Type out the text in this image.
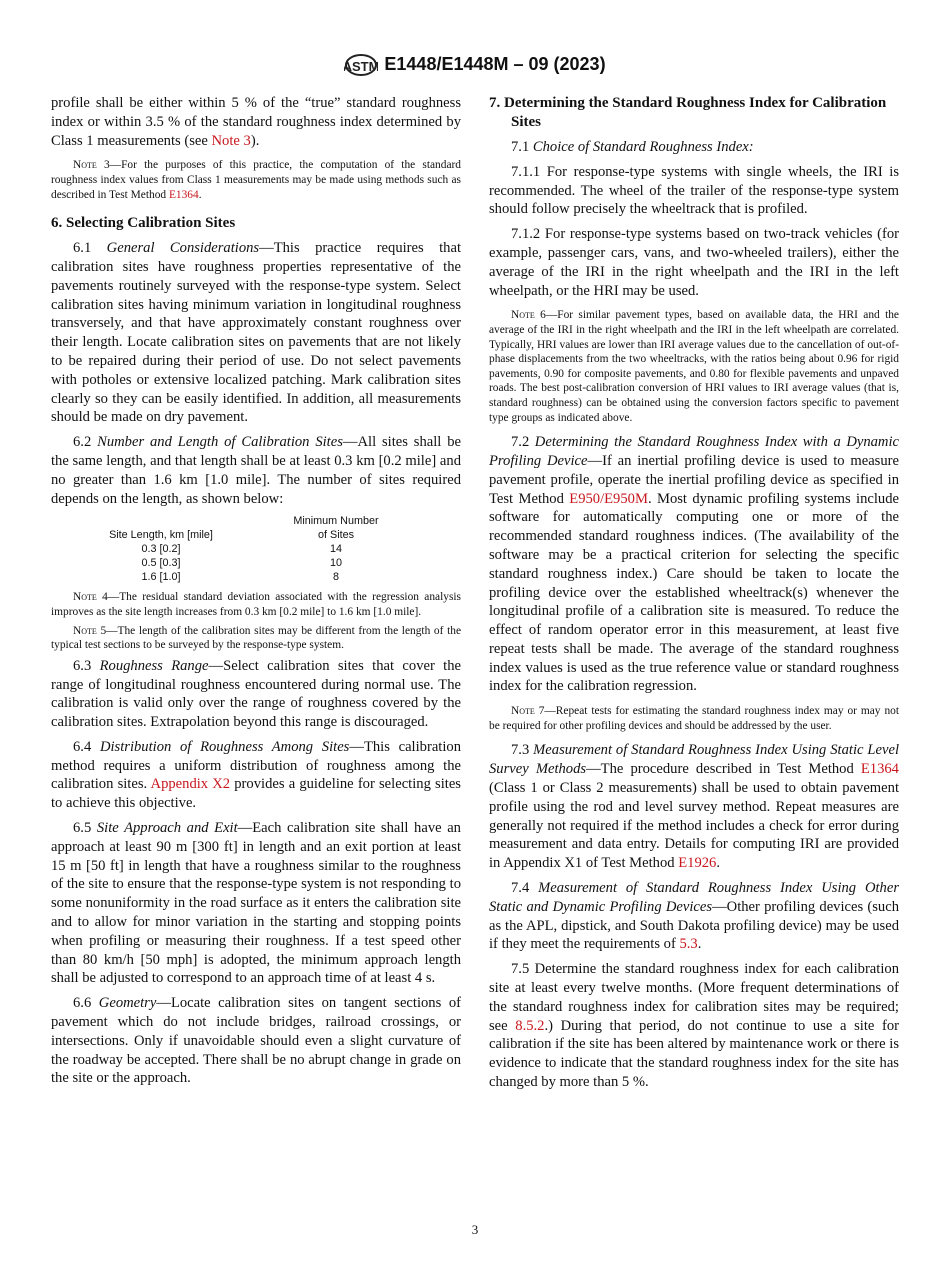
ASTM E1448/E1448M – 09 (2023)
profile shall be either within 5 % of the “true” standard roughness index or within 3.5 % of the standard roughness index determined by Class 1 measurements (see Note 3).
Note 3—For the purposes of this practice, the computation of the standard roughness index values from Class 1 measurements may be made using methods such as described in Test Method E1364.
6. Selecting Calibration Sites
6.1 General Considerations—This practice requires that calibration sites have roughness properties representative of the pavements routinely surveyed with the response-type system. Select calibration sites having minimum variation in longitudinal roughness transversely, and that have approximately constant roughness over their length. Locate calibration sites on pavements that are not likely to be repaired during their period of use. Do not select pavements with potholes or extensive localized patching. Mark calibration sites clearly so they can be easily identified. In addition, all measurements should be made on dry pavement.
6.2 Number and Length of Calibration Sites—All sites shall be the same length, and that length shall be at least 0.3 km [0.2 mile] and no greater than 1.6 km [1.0 mile]. The number of sites required depends on the length, as shown below:
Site Length, km [mile]	Minimum Number
of Sites
0.3 [0.2]	14
0.5 [0.3]	10
1.6 [1.0]	8
Note 4—The residual standard deviation associated with the regression analysis improves as the site length increases from 0.3 km [0.2 mile] to 1.6 km [1.0 mile].
Note 5—The length of the calibration sites may be different from the length of the typical test sections to be surveyed by the response-type system.
6.3 Roughness Range—Select calibration sites that cover the range of longitudinal roughness encountered during normal use. The calibration is valid only over the range of roughness covered by the calibration sites. Extrapolation beyond this range is discouraged.
6.4 Distribution of Roughness Among Sites—This calibration method requires a uniform distribution of roughness among the calibration sites. Appendix X2 provides a guideline for selecting sites to achieve this objective.
6.5 Site Approach and Exit—Each calibration site shall have an approach at least 90 m [300 ft] in length and an exit portion at least 15 m [50 ft] in length that have a roughness similar to the roughness of the site to ensure that the response-type system is not responding to some nonuniformity in the road surface as it enters the calibration site and to allow for minor variation in the starting and stopping points when profiling or measuring their roughness. If a test speed other than 80 km/h [50 mph] is adopted, the minimum approach length shall be adjusted to correspond to an approach time of at least 4 s.
6.6 Geometry—Locate calibration sites on tangent sections of pavement which do not include bridges, railroad crossings, or intersections. Only if unavoidable should even a slight curvature of the roadway be accepted. There shall be no abrupt change in grade on the site or the approach.
7. Determining the Standard Roughness Index for Calibration Sites
7.1 Choice of Standard Roughness Index:
7.1.1 For response-type systems with single wheels, the IRI is recommended. The wheel of the trailer of the response-type system should follow precisely the wheeltrack that is profiled.
7.1.2 For response-type systems based on two-track vehicles (for example, passenger cars, vans, and two-wheeled trailers), either the average of the IRI in the right wheelpath and the IRI in the left wheelpath, or the HRI may be used.
Note 6—For similar pavement types, based on available data, the HRI and the average of the IRI in the right wheelpath and the IRI in the left wheelpath are correlated. Typically, HRI values are lower than IRI average values due to the cancellation of out-of-phase displacements from the two wheeltracks, with the ratios being about 0.96 for rigid pavements, 0.90 for composite pavements, and 0.80 for flexible pavements and unpaved roads. The best post-calibration conversion of HRI values to IRI average values (that is, standard roughness) can be obtained using the conversion factors specific to pavement type groups as indicated above.
7.2 Determining the Standard Roughness Index with a Dynamic Profiling Device—If an inertial profiling device is used to measure pavement profile, operate the inertial profiling device as specified in Test Method E950/E950M. Most dynamic profiling systems include software for automatically computing one or more of the recommended standard roughness indices. (The availability of the software may be a practical criterion for selecting the specific standard roughness index.) Care should be taken to locate the profiling device over the established wheeltrack(s) whenever the longitudinal profile of a calibration site is measured. To reduce the effect of random operator error in this measurement, at least five repeat tests shall be made. The average of the standard roughness index values is used as the true reference value or standard roughness index for the calibration regression.
Note 7—Repeat tests for estimating the standard roughness index may or may not be required for other profiling devices and should be addressed by the user.
7.3 Measurement of Standard Roughness Index Using Static Level Survey Methods—The procedure described in Test Method E1364 (Class 1 or Class 2 measurements) shall be used to obtain pavement profile using the rod and level survey method. Repeat measures are generally not required if the method includes a check for error during measurement and data entry. Details for computing IRI are provided in Appendix X1 of Test Method E1926.
7.4 Measurement of Standard Roughness Index Using Other Static and Dynamic Profiling Devices—Other profiling devices (such as the APL, dipstick, and South Dakota profiling device) may be used if they meet the requirements of 5.3.
7.5 Determine the standard roughness index for each calibration site at least every twelve months. (More frequent determinations of the standard roughness index for calibration sites may be required; see 8.5.2.) During that period, do not continue to use a site for calibration if the site has been altered by maintenance work or there is evidence to indicate that the standard roughness index for the site has changed by more than 5 %.
3
